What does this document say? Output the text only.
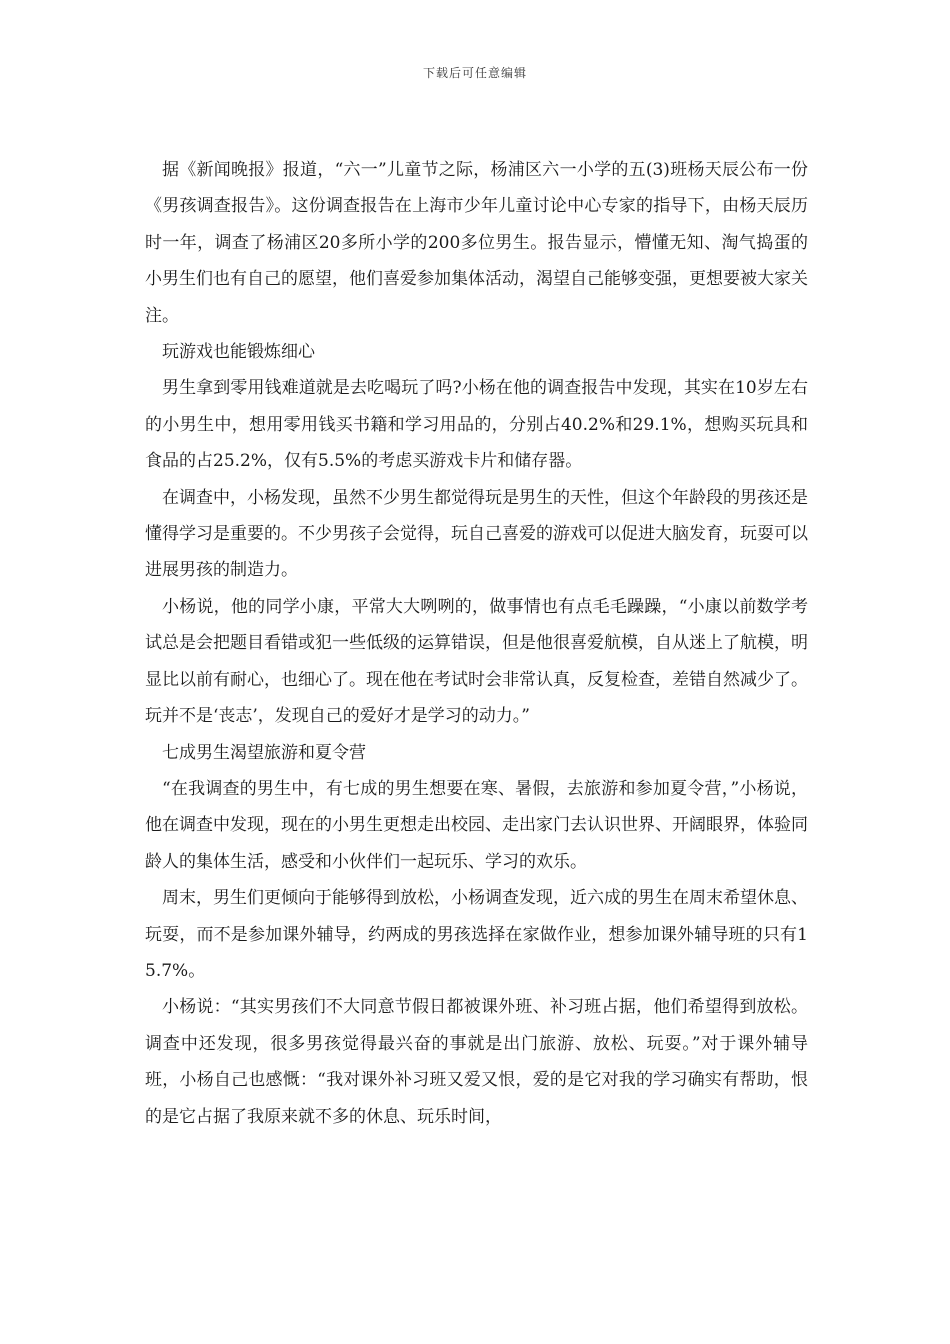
下载后可任意编辑

据《新闻晚报》报道，“六一”儿童节之际，杨浦区六一小学的五(3)班杨天辰公布一份《男孩调查报告》。这份调查报告在上海市少年儿童讨论中心专家的指导下，由杨天辰历时一年，调查了杨浦区20多所小学的200多位男生。报告显示，懵懂无知、淘气捣蛋的小男生们也有自己的愿望，他们喜爱参加集体活动，渴望自己能够变强，更想要被大家关注。

玩游戏也能锻炼细心

男生拿到零用钱难道就是去吃喝玩了吗?小杨在他的调查报告中发现，其实在10岁左右的小男生中，想用零用钱买书籍和学习用品的，分别占40.2%和29.1%，想购买玩具和食品的占25.2%，仅有5.5%的考虑买游戏卡片和储存器。

在调查中，小杨发现，虽然不少男生都觉得玩是男生的天性，但这个年龄段的男孩还是懂得学习是重要的。不少男孩子会觉得，玩自己喜爱的游戏可以促进大脑发育，玩耍可以进展男孩的制造力。

小杨说，他的同学小康，平常大大咧咧的，做事情也有点毛毛躁躁，“小康以前数学考试总是会把题目看错或犯一些低级的运算错误，但是他很喜爱航模，自从迷上了航模，明显比以前有耐心，也细心了。现在他在考试时会非常认真，反复检查，差错自然减少了。玩并不是‘丧志’，发现自己的爱好才是学习的动力。”

七成男生渴望旅游和夏令营

“在我调查的男生中，有七成的男生想要在寒、暑假，去旅游和参加夏令营，”小杨说，他在调查中发现，现在的小男生更想走出校园、走出家门去认识世界、开阔眼界，体验同龄人的集体生活，感受和小伙伴们一起玩乐、学习的欢乐。

周末，男生们更倾向于能够得到放松，小杨调查发现，近六成的男生在周末希望休息、玩耍，而不是参加课外辅导，约两成的男孩选择在家做作业，想参加课外辅导班的只有15.7%。

小杨说：“其实男孩们不大同意节假日都被课外班、补习班占据，他们希望得到放松。调查中还发现，很多男孩觉得最兴奋的事就是出门旅游、放松、玩耍。”对于课外辅导班，小杨自己也感慨：“我对课外补习班又爱又恨，爱的是它对我的学习确实有帮助，恨的是它占据了我原来就不多的休息、玩乐时间，
